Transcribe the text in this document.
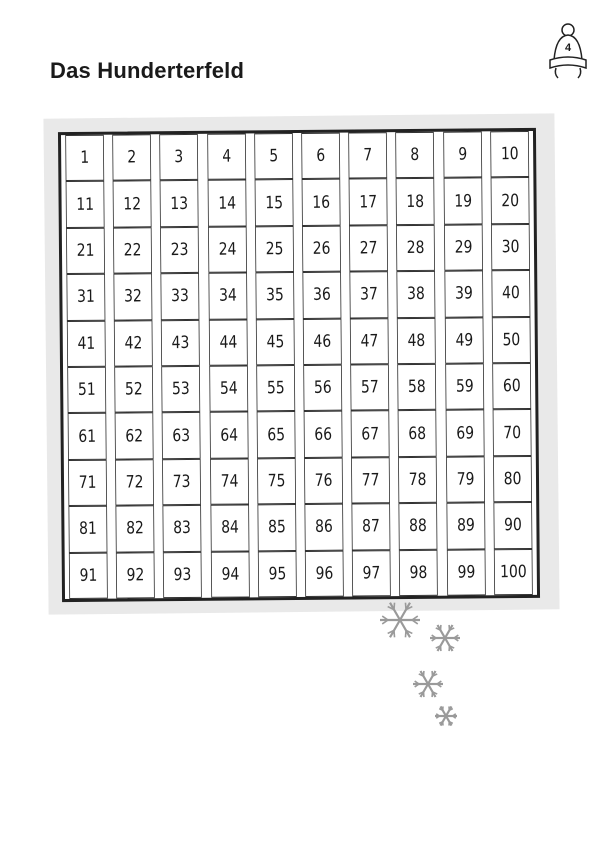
Das Hunderterfeld
4
1	2	3	4	5	6	7	8	9	10
11	12	13	14	15	16	17	18	19	20
21	22	23	24	25	26	27	28	29	30
31	32	33	34	35	36	37	38	39	40
41	42	43	44	45	46	47	48	49	50
51	52	53	54	55	56	57	58	59	60
61	62	63	64	65	66	67	68	69	70
71	72	73	74	75	76	77	78	79	80
81	82	83	84	85	86	87	88	89	90
91	92	93	94	95	96	97	98	99	100
